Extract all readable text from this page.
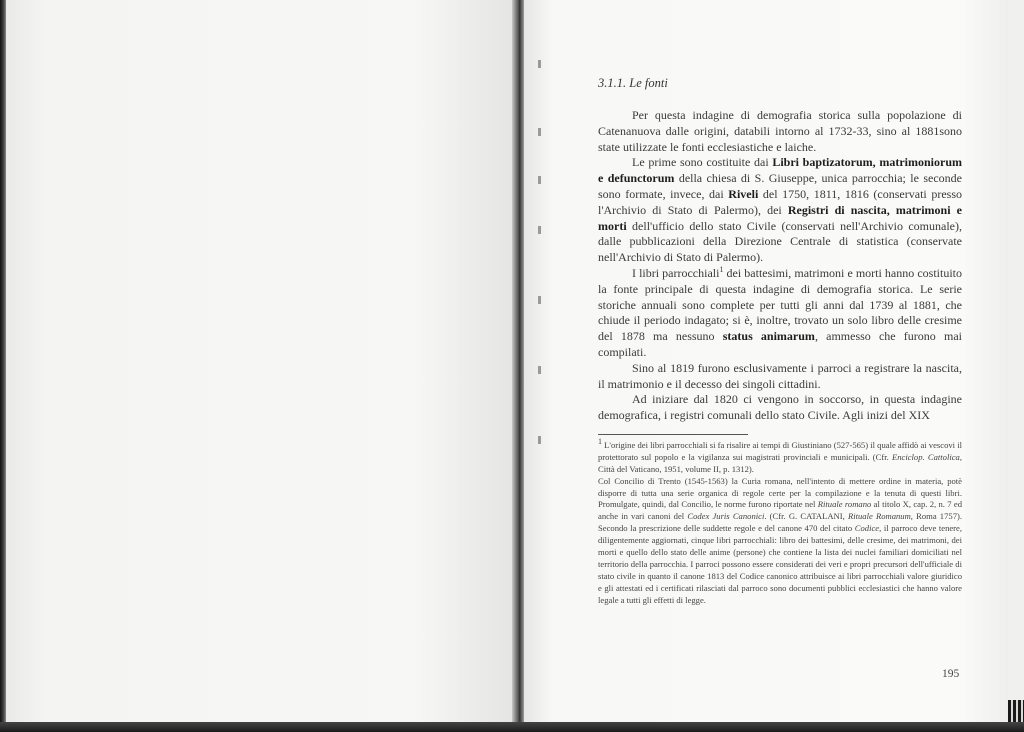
3.1.1. Le fonti

Per questa indagine di demografia storica sulla popolazione di Catenanuova dalle origini, databili intorno al 1732-33, sino al 1881sono state utilizzate le fonti ecclesiastiche e laiche.

Le prime sono costituite dai Libri baptizatorum, matrimoniorum e defunctorum della chiesa di S. Giuseppe, unica parrocchia; le seconde sono formate, invece, dai Riveli del 1750, 1811, 1816 (conservati presso l'Archivio di Stato di Palermo), dei Registri di nascita, matrimoni e morti dell'ufficio dello stato Civile (conservati nell'Archivio comunale), dalle pubblicazioni della Direzione Centrale di statistica (conservate nell'Archivio di Stato di Palermo).

I libri parrocchiali$^1$ dei battesimi, matrimoni e morti hanno costituito la fonte principale di questa indagine di demografia storica. Le serie storiche annuali sono complete per tutti gli anni dal 1739 al 1881, che chiude il periodo indagato; si è, inoltre, trovato un solo libro delle cresime del 1878 ma nessuno status animarum, ammesso che furono mai compilati.

Sino al 1819 furono esclusivamente i parroci a registrare la nascita, il matrimonio e il decesso dei singoli cittadini.

Ad iniziare dal 1820 ci vengono in soccorso, in questa indagine demografica, i registri comunali dello stato Civile. Agli inizi del XIX

1 L'origine dei libri parrocchiali si fa risalire ai tempi di Giustiniano (527-565) il quale affidò ai vescovi il protettorato sul popolo e la vigilanza sui magistrati provinciali e municipali. (Cfr. Enciclop. Cattolica, Città del Vaticano, 1951, volume II, p. 1312).

Col Concilio di Trento (1545-1563) la Curia romana, nell'intento di mettere ordine in materia, potè disporre di tutta una serie organica di regole certe per la compilazione e la tenuta di questi libri. Promulgate, quindi, dal Concilio, le norme furono riportate nel Rituale romano al titolo X, cap. 2, n. 7 ed anche in vari canoni del Codex Juris Canonici. (Cfr. G. CATALANI, Rituale Romanum, Roma 1757). Secondo la prescrizione delle suddette regole e del canone 470 del citato Codice, il parroco deve tenere, diligentemente aggiornati, cinque libri parrocchiali: libro dei battesimi, delle cresime, dei matrimoni, dei morti e quello dello stato delle anime (persone) che contiene la lista dei nuclei familiari domiciliati nel territorio della parrocchia. I parroci possono essere considerati dei veri e propri precursori dell'ufficiale di stato civile in quanto il canone 1813 del Codice canonico attribuisce ai libri parrocchiali valore giuridico e gli attestati ed i certificati rilasciati dal parroco sono documenti pubblici ecclesiastici che hanno valore legale a tutti gli effetti di legge.

195
